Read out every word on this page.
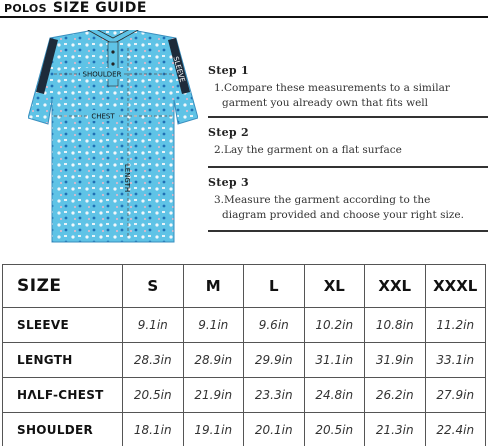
POLOS SIZE GUIDE
SHOULDER
CHEST
LENGTH
SLEEVE Step 1
1.Compare these measurements to a similar
garment you already own that fits well
Step 2
2.Lay the garment on a flat surface
Step 3
3.Measure the garment according to the
diagram provided and choose your right size.
SIZE	S	M	L	XL	XXL	XXXL
SLEEVE	9.1in	9.1in	9.6in	10.2in	10.8in	11.2in
LENGTH	28.3in	28.9in	29.9in	31.1in	31.9in	33.1in
HΛLF-CHEST	20.5in	21.9in	23.3in	24.8in	26.2in	27.9in
SHOULDER	18.1in	19.1in	20.1in	20.5in	21.3in	22.4in
